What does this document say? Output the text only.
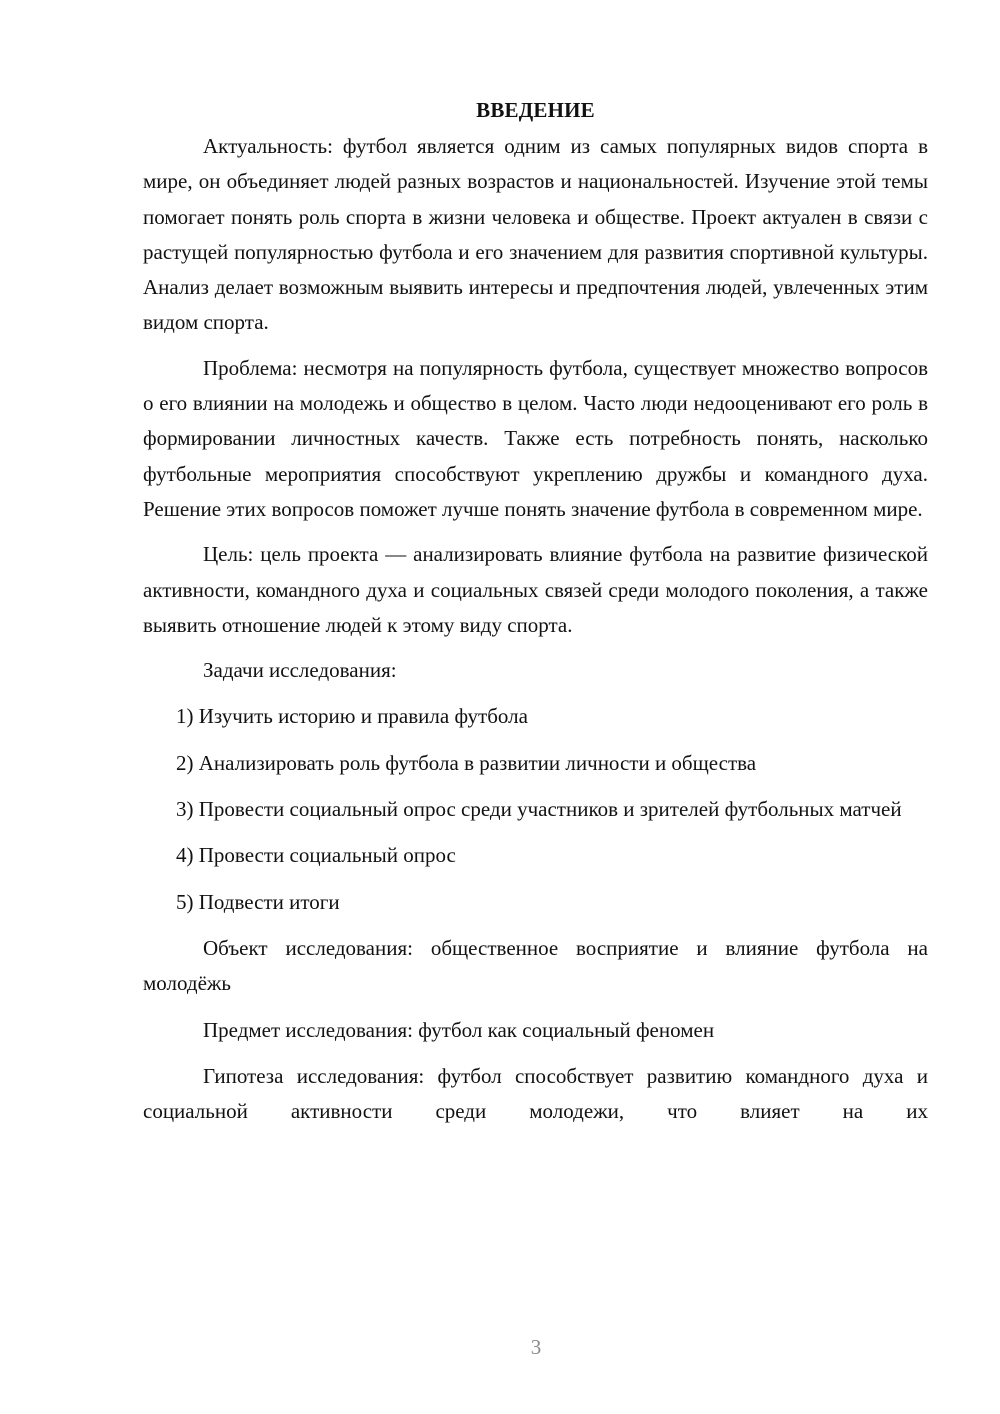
ВВЕДЕНИЕ

Актуальность: футбол является одним из самых популярных видов спорта в мире, он объединяет людей разных возрастов и национальностей. Изучение этой темы помогает понять роль спорта в жизни человека и обществе. Проект актуален в связи с растущей популярностью футбола и его значением для развития спортивной культуры. Анализ делает возможным выявить интересы и предпочтения людей, увлеченных этим видом спорта.

Проблема: несмотря на популярность футбола, существует множество вопросов о его влиянии на молодежь и общество в целом. Часто люди недооценивают его роль в формировании личностных качеств. Также есть потребность понять, насколько футбольные мероприятия способствуют укреплению дружбы и командного духа. Решение этих вопросов поможет лучше понять значение футбола в современном мире.

Цель: цель проекта — анализировать влияние футбола на развитие физической активности, командного духа и социальных связей среди молодого поколения, а также выявить отношение людей к этому виду спорта.

Задачи исследования:

1) Изучить историю и правила футбола

2) Анализировать роль футбола в развитии личности и общества

3) Провести социальный опрос среди участников и зрителей футбольных матчей

4) Провести социальный опрос

5) Подвести итоги

Объект исследования: общественное восприятие и влияние футбола на молодёжь

Предмет исследования: футбол как социальный феномен

Гипотеза исследования: футбол способствует развитию командного духа и социальной активности среди молодежи, что влияет на их

3
